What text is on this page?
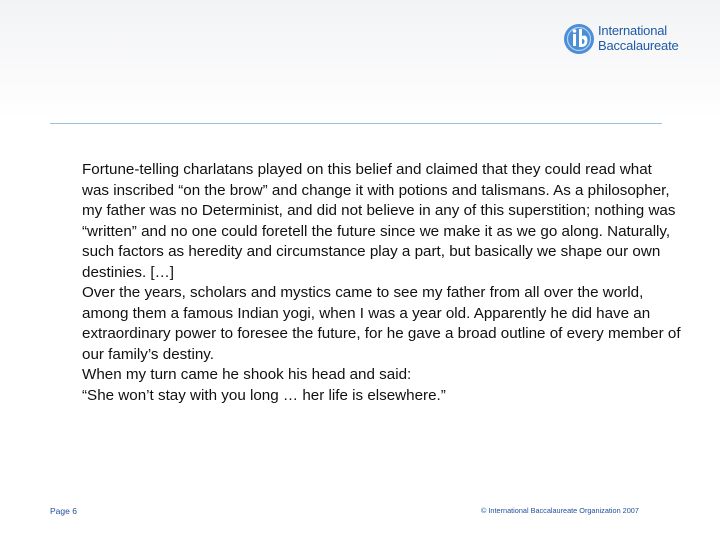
International
Baccalaureate

Fortune-telling charlatans played on this belief and claimed that they could read what was inscribed “on the brow” and change it with potions and talismans. As a philosopher, my father was no Determinist, and did not believe in any of this superstition; nothing was “written” and no one could foretell the future since we make it as we go along. Naturally, such factors as heredity and circumstance play a part, but basically we shape our own destinies. […]

Over the years, scholars and mystics came to see my father from all over the world, among them a famous Indian yogi, when I was a year old. Apparently he did have an extraordinary power to foresee the future, for he gave a broad outline of every member of our family’s destiny.

When my turn came he shook his head and said:

“She won’t stay with you long … her life is elsewhere.”

Page 6	© International Baccalaureate Organization 2007
